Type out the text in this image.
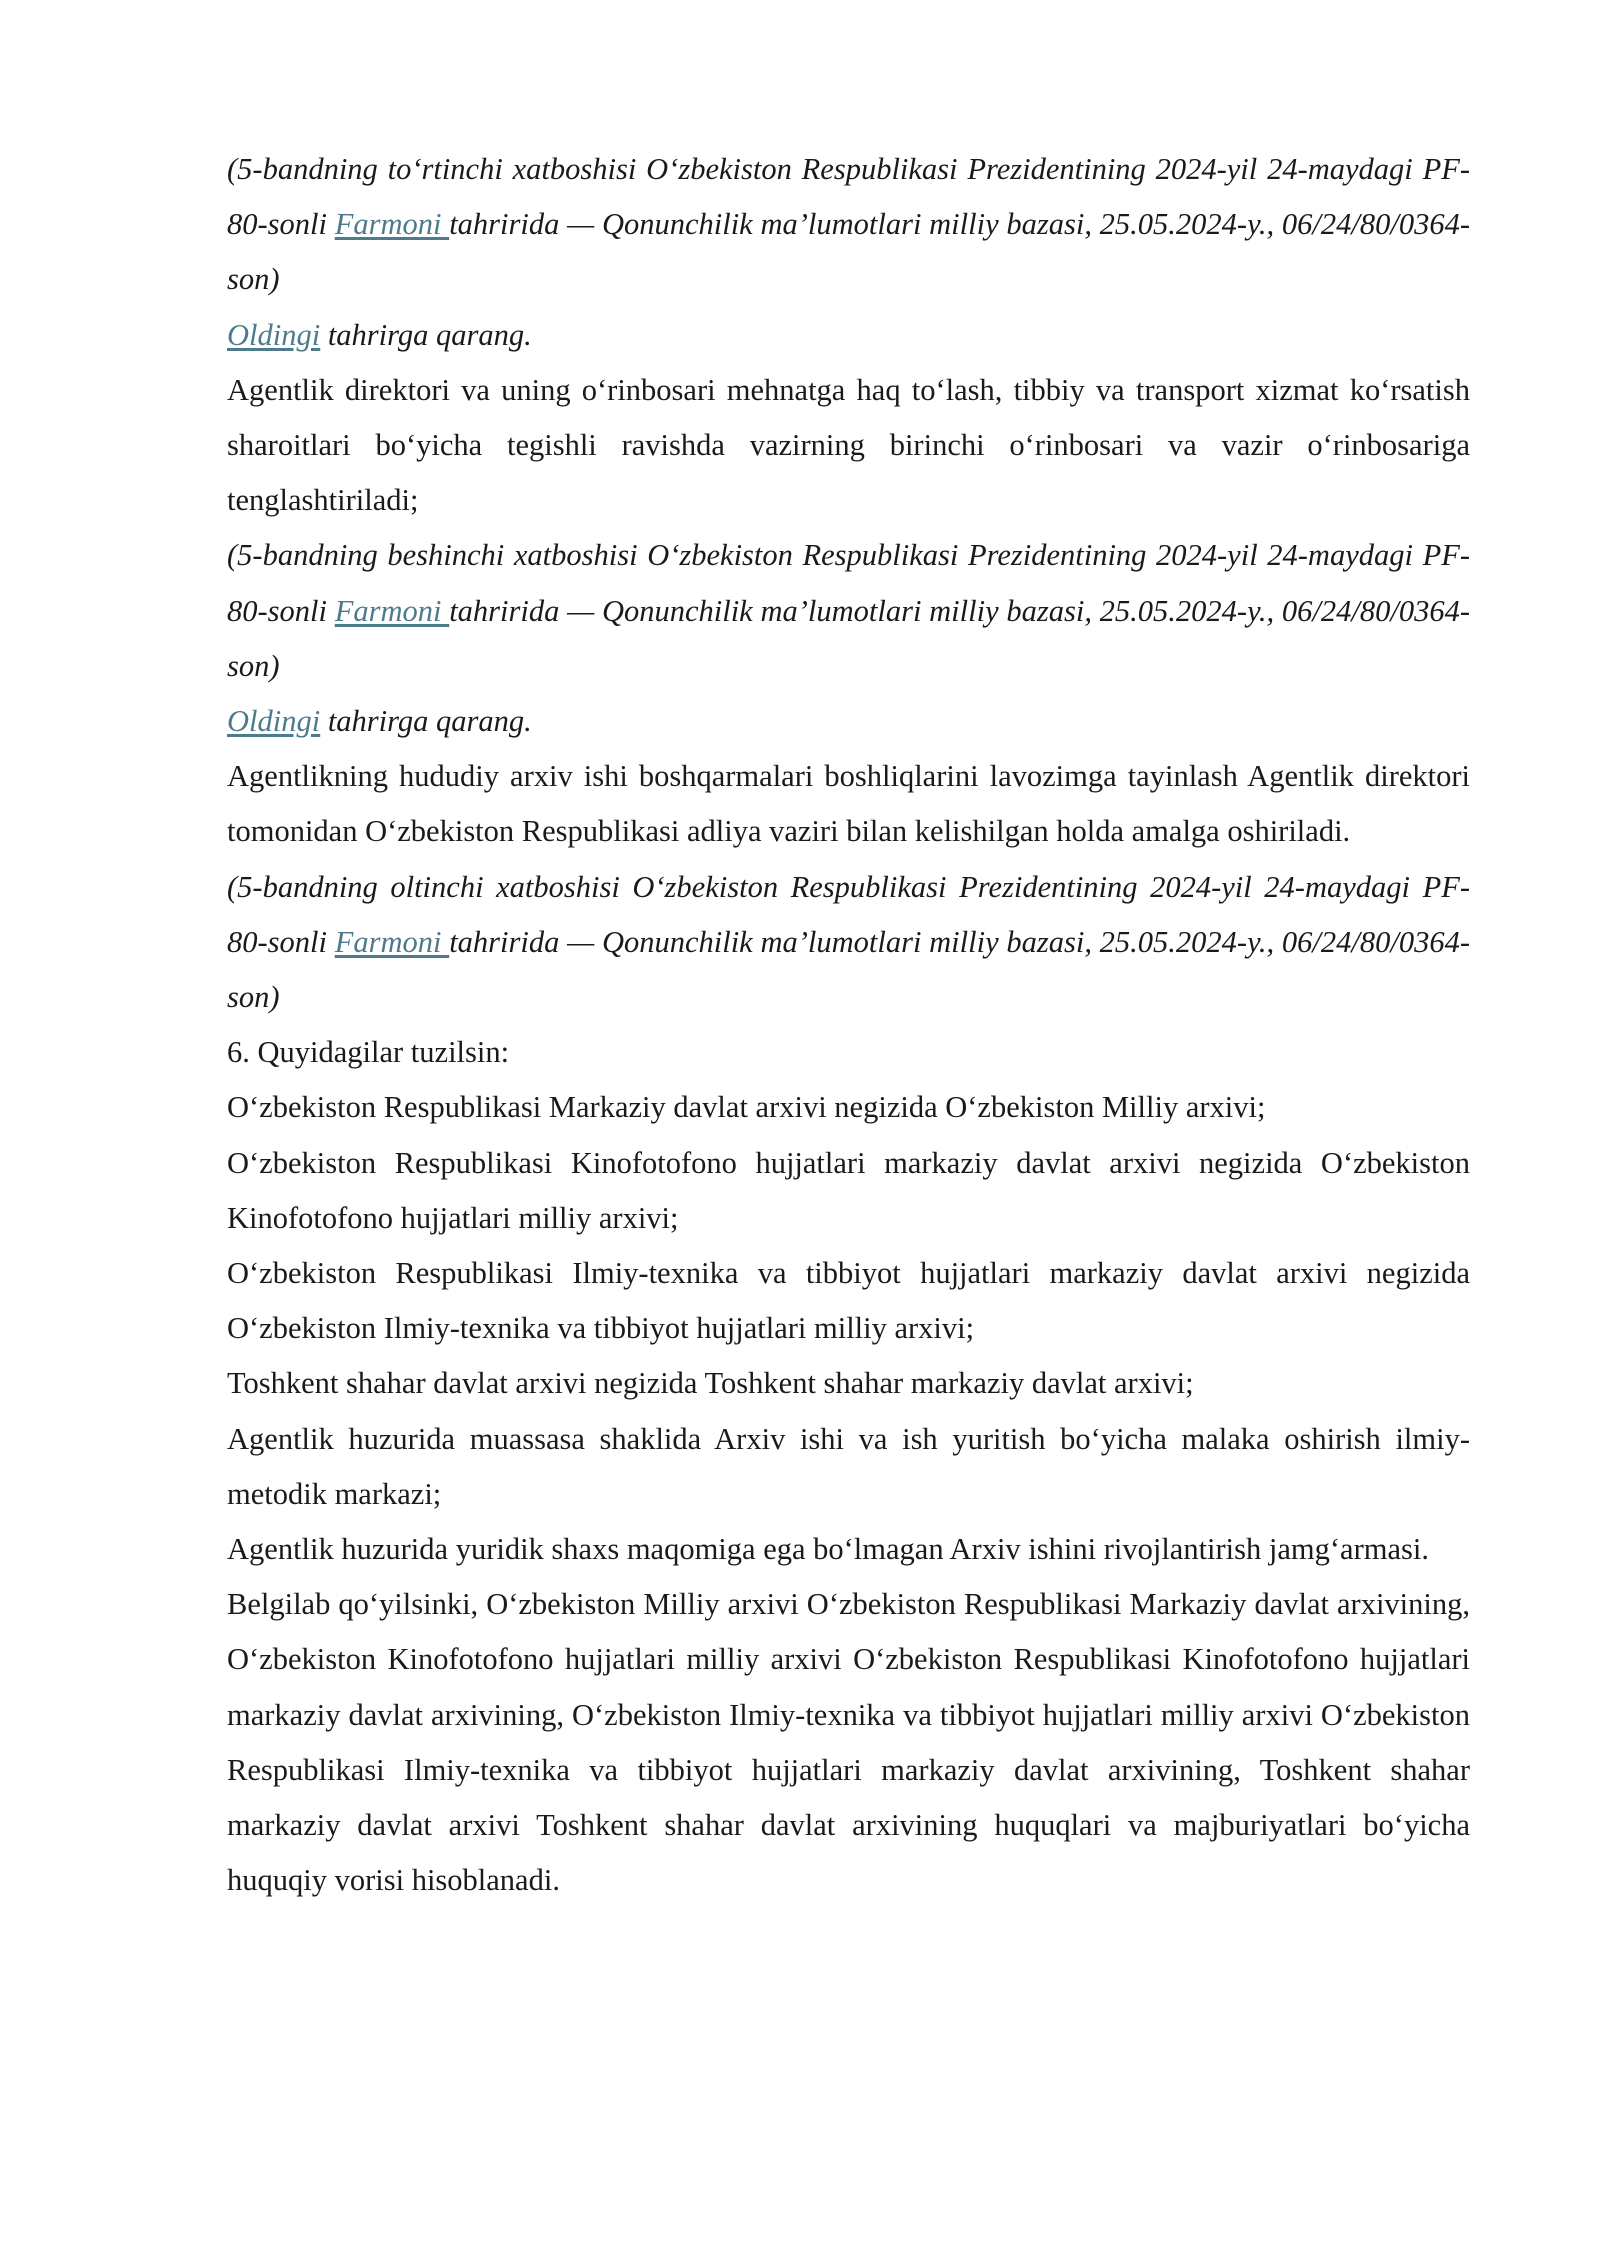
(5-bandning to‘rtinchi xatboshisi O‘zbekiston Respublikasi Prezidentining 2024-yil 24-maydagi PF-80-sonli Farmoni tahririda — Qonunchilik ma’lumotlari milliy bazasi, 25.05.2024-y., 06/24/80/0364-son)

Oldingi tahrirga qarang.

Agentlik direktori va uning o‘rinbosari mehnatga haq to‘lash, tibbiy va transport xizmat ko‘rsatish sharoitlari bo‘yicha tegishli ravishda vazirning birinchi o‘rinbosari va vazir o‘rinbosariga tenglashtiriladi;

(5-bandning beshinchi xatboshisi O‘zbekiston Respublikasi Prezidentining 2024-yil 24-maydagi PF-80-sonli Farmoni tahririda — Qonunchilik ma’lumotlari milliy bazasi, 25.05.2024-y., 06/24/80/0364-son)

Oldingi tahrirga qarang.

Agentlikning hududiy arxiv ishi boshqarmalari boshliqlarini lavozimga tayinlash Agentlik direktori tomonidan O‘zbekiston Respublikasi adliya vaziri bilan kelishilgan holda amalga oshiriladi.

(5-bandning oltinchi xatboshisi O‘zbekiston Respublikasi Prezidentining 2024-yil 24-maydagi PF-80-sonli Farmoni tahririda — Qonunchilik ma’lumotlari milliy bazasi, 25.05.2024-y., 06/24/80/0364-son)

6. Quyidagilar tuzilsin:

O‘zbekiston Respublikasi Markaziy davlat arxivi negizida O‘zbekiston Milliy arxivi;

O‘zbekiston Respublikasi Kinofotofono hujjatlari markaziy davlat arxivi negizida O‘zbekiston Kinofotofono hujjatlari milliy arxivi;

O‘zbekiston Respublikasi Ilmiy-texnika va tibbiyot hujjatlari markaziy davlat arxivi negizida O‘zbekiston Ilmiy-texnika va tibbiyot hujjatlari milliy arxivi;

Toshkent shahar davlat arxivi negizida Toshkent shahar markaziy davlat arxivi;

Agentlik huzurida muassasa shaklida Arxiv ishi va ish yuritish bo‘yicha malaka oshirish ilmiy-metodik markazi;

Agentlik huzurida yuridik shaxs maqomiga ega bo‘lmagan Arxiv ishini rivojlantirish jamg‘armasi.

Belgilab qo‘yilsinki, O‘zbekiston Milliy arxivi O‘zbekiston Respublikasi Markaziy davlat arxivining, O‘zbekiston Kinofotofono hujjatlari milliy arxivi O‘zbekiston Respublikasi Kinofotofono hujjatlari markaziy davlat arxivining, O‘zbekiston Ilmiy-texnika va tibbiyot hujjatlari milliy arxivi O‘zbekiston Respublikasi Ilmiy-texnika va tibbiyot hujjatlari markaziy davlat arxivining, Toshkent shahar markaziy davlat arxivi Toshkent shahar davlat arxivining huquqlari va majburiyatlari bo‘yicha huquqiy vorisi hisoblanadi.
